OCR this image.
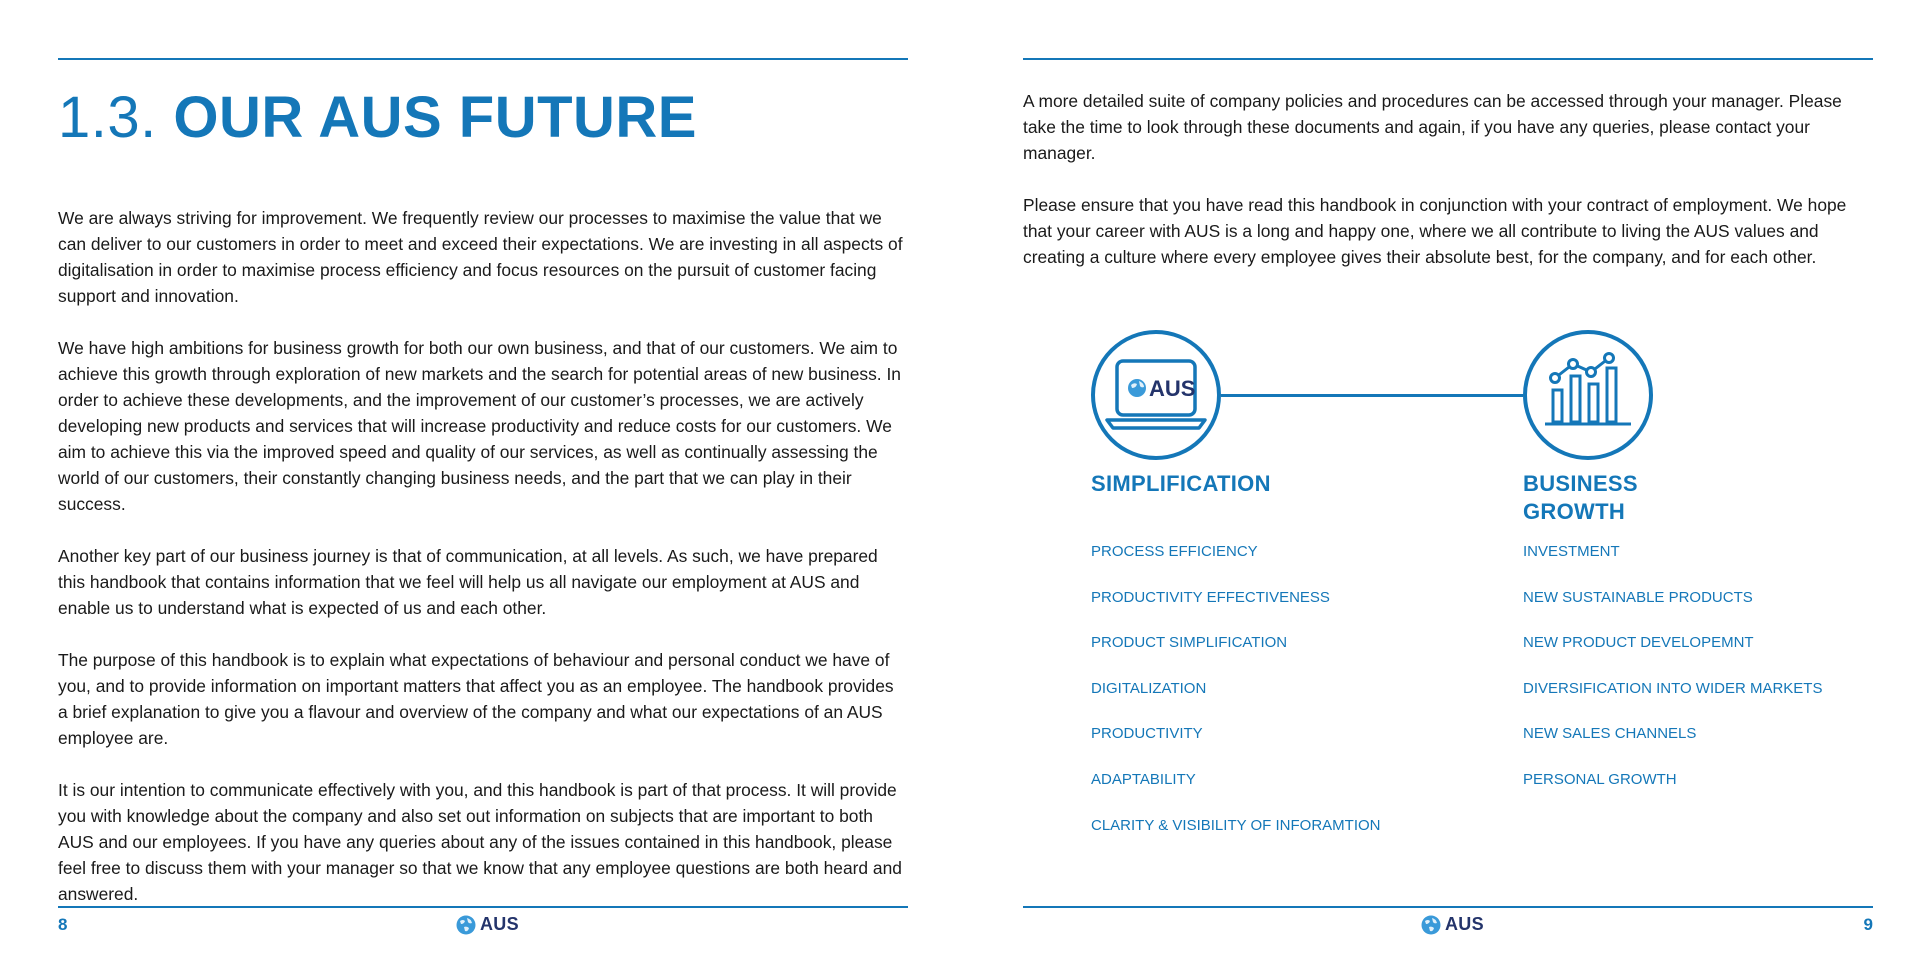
1.3. OUR AUS FUTURE

We are always striving for improvement. We frequently review our processes to maximise the value that we can deliver to our customers in order to meet and exceed their expectations. We are investing in all aspects of digitalisation in order to maximise process efficiency and focus resources on the pursuit of customer facing support and innovation.

We have high ambitions for business growth for both our own business, and that of our customers. We aim to achieve this growth through exploration of new markets and the search for potential areas of new business. In order to achieve these developments, and the improvement of our customer’s processes, we are actively developing new products and services that will increase productivity and reduce costs for our customers. We aim to achieve this via the improved speed and quality of our services, as well as continually assessing the world of our customers, their constantly changing business needs, and the part that we can play in their success.

Another key part of our business journey is that of communication, at all levels. As such, we have prepared this handbook that contains information that we feel will help us all navigate our employment at AUS and enable us to understand what is expected of us and each other.

The purpose of this handbook is to explain what expectations of behaviour and personal conduct we have of you, and to provide information on important matters that affect you as an employee. The handbook provides a brief explanation to give you a flavour and overview of the company and what our expectations of an AUS employee are.

It is our intention to communicate effectively with you, and this handbook is part of that process. It will provide you with knowledge about the company and also set out information on subjects that are important to both AUS and our employees. If you have any queries about any of the issues contained in this handbook, please feel free to discuss them with your manager so that we know that any employee questions are both heard and answered.

8	AUS

A more detailed suite of company policies and procedures can be accessed through your manager. Please take the time to look through these documents and again, if you have any queries, please contact your manager.

Please ensure that you have read this handbook in conjunction with your contract of employment. We hope that your career with AUS is a long and happy one, where we all contribute to living the AUS values and creating a culture where every employee gives their absolute best, for the company, and for each other.

AUS
SIMPLIFICATION	BUSINESS GROWTH
PROCESS EFFICIENCY
PRODUCTIVITY EFFECTIVENESS
PRODUCT SIMPLIFICATION
DIGITALIZATION
PRODUCTIVITY
ADAPTABILITY
CLARITY & VISIBILITY OF INFORAMTION
INVESTMENT
NEW SUSTAINABLE PRODUCTS
NEW PRODUCT DEVELOPEMNT
DIVERSIFICATION INTO WIDER MARKETS
NEW SALES CHANNELS
PERSONAL GROWTH
AUS	9
